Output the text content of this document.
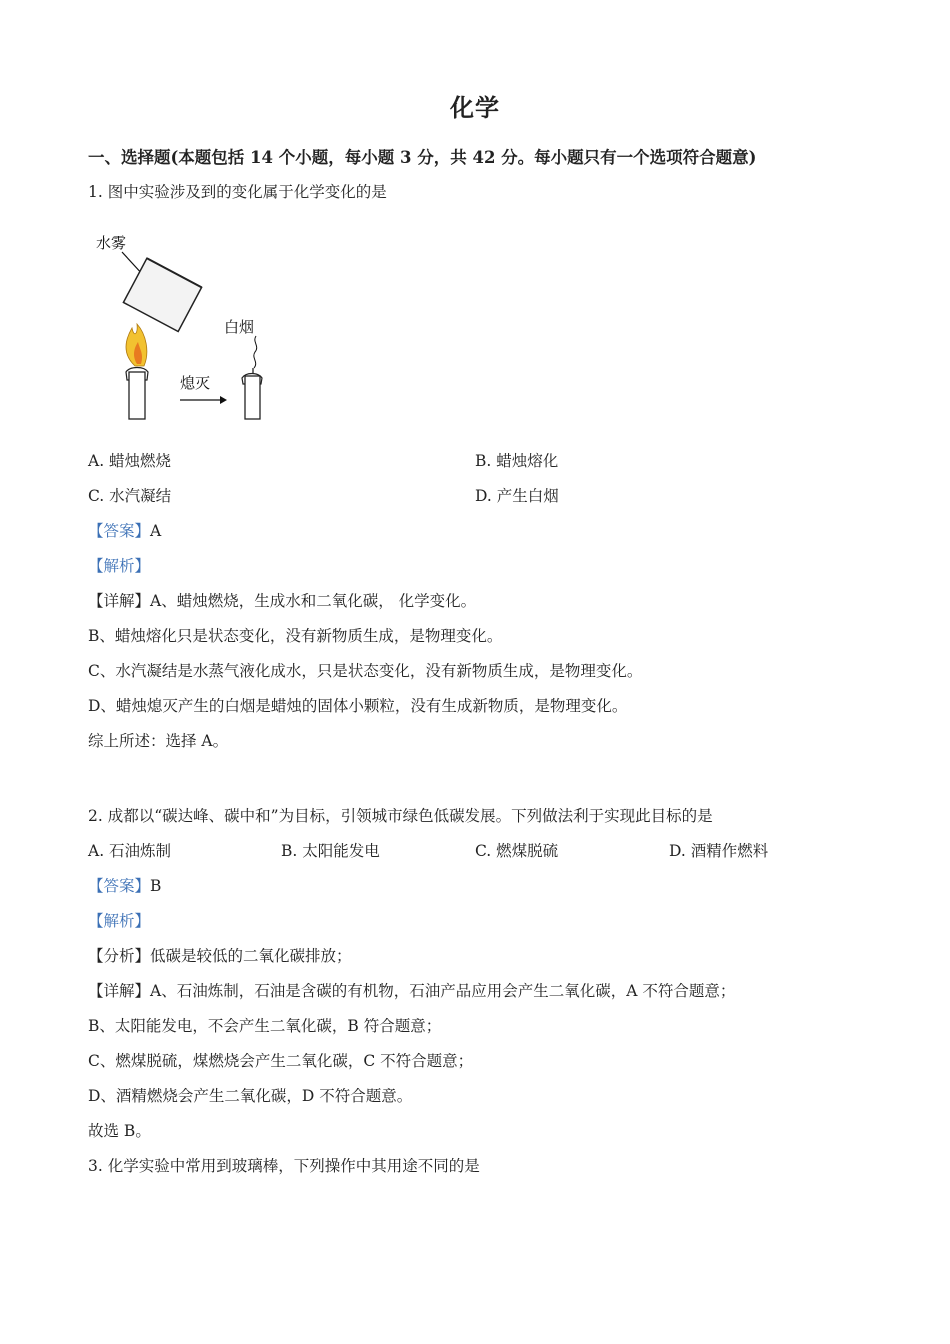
化学
一、选择题(本题包括 14 个小题，每小题 3 分，共 42 分。每小题只有一个选项符合题意)
1. 图中实验涉及到的变化属于化学变化的是
水雾
熄灭
白烟
A. 蜡烛燃烧	B. 蜡烛熔化
C. 水汽凝结	D. 产生白烟
【答案】A
【解析】
【详解】A、蜡烛燃烧，生成水和二氧化碳， 化学变化。
B、蜡烛熔化只是状态变化，没有新物质生成，是物理变化。
C、水汽凝结是水蒸气液化成水，只是状态变化，没有新物质生成，是物理变化。
D、蜡烛熄灭产生的白烟是蜡烛的固体小颗粒，没有生成新物质，是物理变化。
综上所述：选择 A。
2. 成都以“碳达峰、碳中和”为目标，引领城市绿色低碳发展。下列做法利于实现此目标的是
A. 石油炼制	B. 太阳能发电	C. 燃煤脱硫	D. 酒精作燃料
【答案】B
【解析】
【分析】低碳是较低的二氧化碳排放；
【详解】A、石油炼制，石油是含碳的有机物，石油产品应用会产生二氧化碳，A 不符合题意；
B、太阳能发电，不会产生二氧化碳，B 符合题意；
C、燃煤脱硫，煤燃烧会产生二氧化碳，C 不符合题意；
D、酒精燃烧会产生二氧化碳，D 不符合题意。
故选 B。
3. 化学实验中常用到玻璃棒，下列操作中其用途不同的是
